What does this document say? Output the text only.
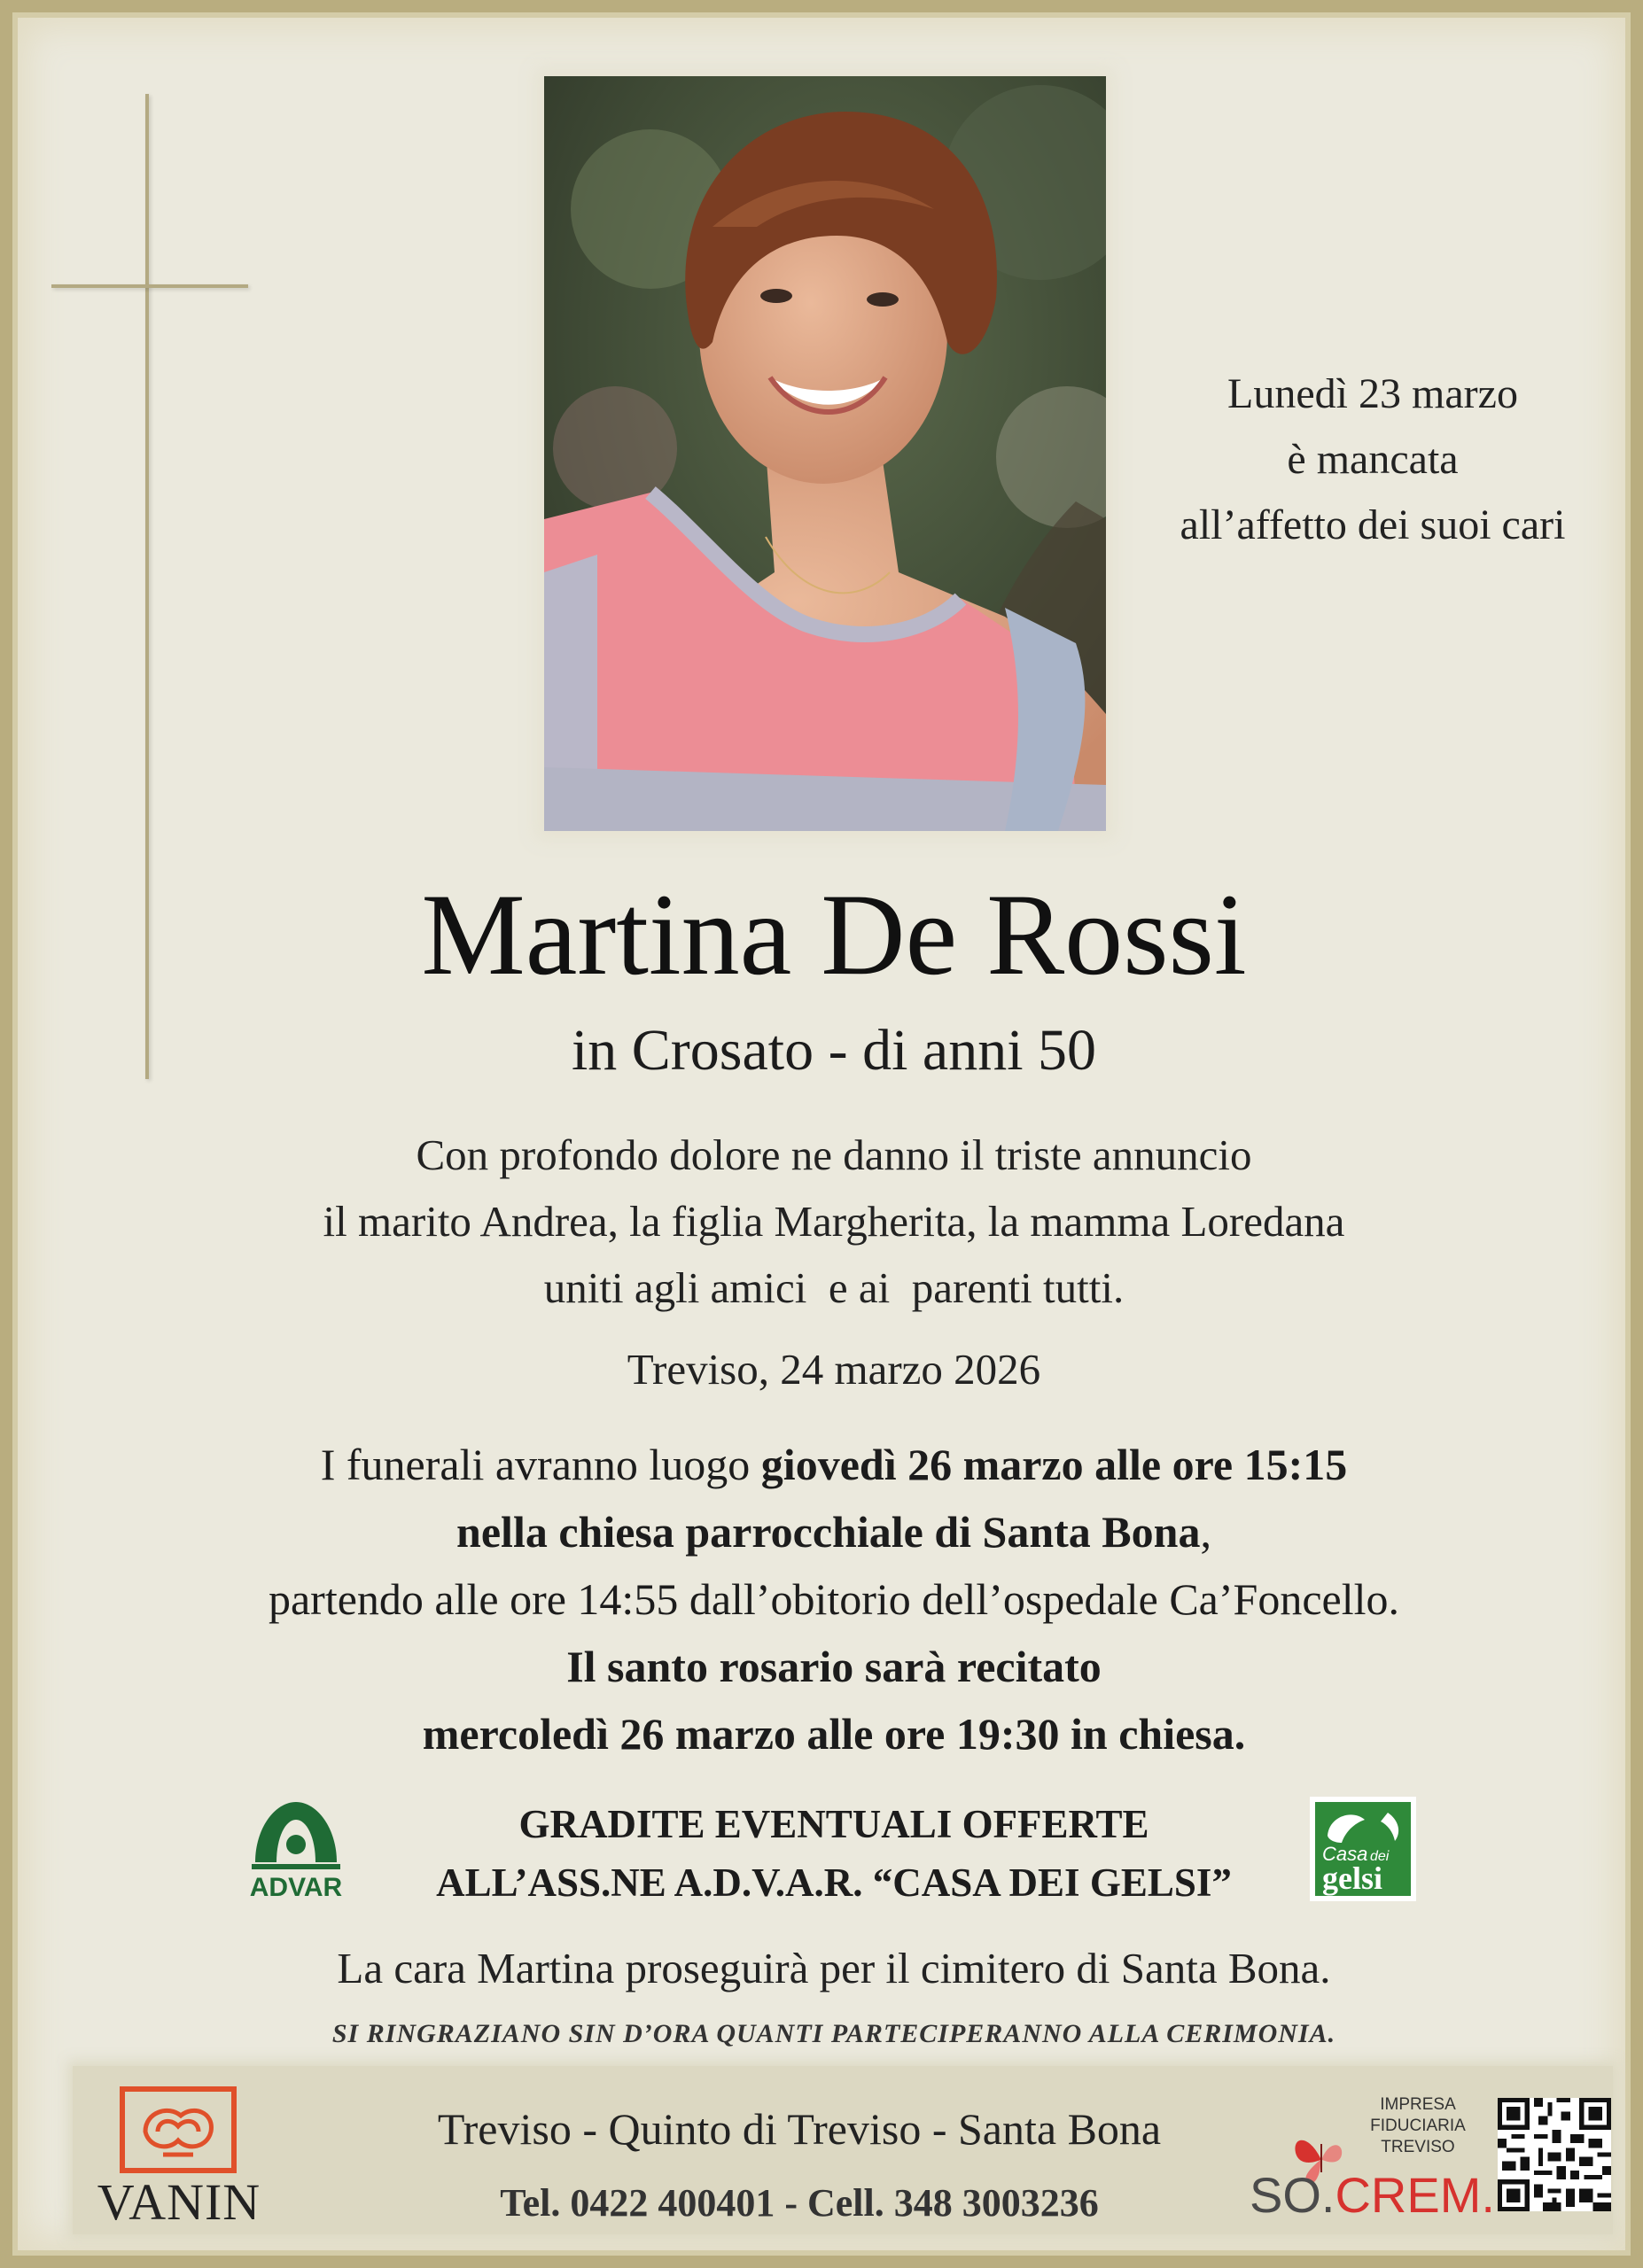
Lunedì 23 marzo
è mancata
all’affetto dei suoi cari
Martina De Rossi
in Crosato - di anni 50
Con profondo dolore ne danno il triste annuncio
il marito Andrea, la figlia Margherita, la mamma Loredana
uniti agli amici  e ai  parenti tutti.
Treviso, 24 marzo 2026
I funerali avranno luogo giovedì 26 marzo alle ore 15:15
nella chiesa parrocchiale di Santa Bona,
partendo alle ore 14:55 dall’obitorio dell’ospedale Ca’Foncello.
Il santo rosario sarà recitato
mercoledì 26 marzo alle ore 19:30 in chiesa.
ADVAR
GRADITE EVENTUALI OFFERTE
ALL’ASS.NE A.D.V.A.R. “CASA DEI GELSI”
Casa dei
gelsi
La cara Martina proseguirà per il cimitero di Santa Bona.
SI RINGRAZIANO SIN D’ORA QUANTI PARTECIPERANNO ALLA CERIMONIA.
VANIN
Treviso - Quinto di Treviso - Santa Bona
Tel. 0422 400401 - Cell. 348 3003236
IMPRESA
FIDUCIARIA
TREVISO
SO.CREM.
